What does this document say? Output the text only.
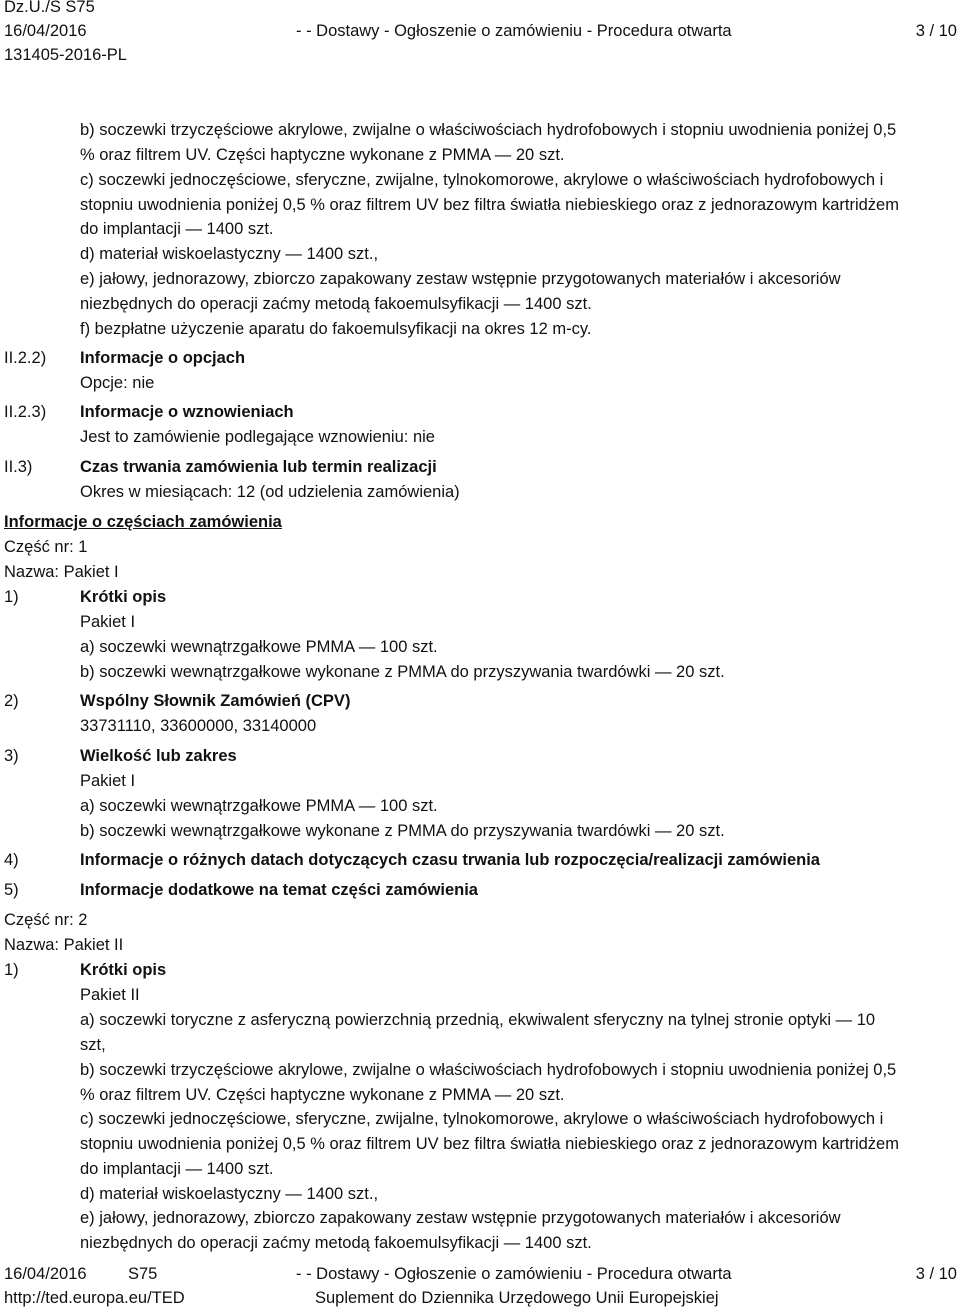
Dz.U./S S75
16/04/2016	- - Dostawy - Ogłoszenie o zamówieniu - Procedura otwarta	3 / 10
131405-2016-PL
b) soczewki trzyczęściowe akrylowe, zwijalne o właściwościach hydrofobowych i stopniu uwodnienia poniżej 0,5
% oraz filtrem UV. Części haptyczne wykonane z PMMA — 20 szt.
c) soczewki jednoczęściowe, sferyczne, zwijalne, tylnokomorowe, akrylowe o właściwościach hydrofobowych i
stopniu uwodnienia poniżej 0,5 % oraz filtrem UV bez filtra światła niebieskiego oraz z jednorazowym kartridżem
do implantacji — 1400 szt.
d) materiał wiskoelastyczny — 1400 szt.,
e) jałowy, jednorazowy, zbiorczo zapakowany zestaw wstępnie przygotowanych materiałów i akcesoriów
niezbędnych do operacji zaćmy metodą fakoemulsyfikacji — 1400 szt.
f) bezpłatne użyczenie aparatu do fakoemulsyfikacji na okres 12 m-cy.
II.2.2) Informacje o opcjach
Opcje: nie
II.2.3) Informacje o wznowieniach
Jest to zamówienie podlegające wznowieniu: nie
II.3)	Czas trwania zamówienia lub termin realizacji
Okres w miesiącach: 12 (od udzielenia zamówienia)
Informacje o częściach zamówienia
Część nr: 1
Nazwa: Pakiet I
1)	Krótki opis
Pakiet I
a) soczewki wewnątrzgałkowe PMMA — 100 szt.
b) soczewki wewnątrzgałkowe wykonane z PMMA do przyszywania twardówki — 20 szt.
2)	Wspólny Słownik Zamówień (CPV)
33731110, 33600000, 33140000
3)	Wielkość lub zakres
Pakiet I
a) soczewki wewnątrzgałkowe PMMA — 100 szt.
b) soczewki wewnątrzgałkowe wykonane z PMMA do przyszywania twardówki — 20 szt.
4)	Informacje o różnych datach dotyczących czasu trwania lub rozpoczęcia/realizacji zamówienia
5)	Informacje dodatkowe na temat części zamówienia
Część nr: 2
Nazwa: Pakiet II
1)	Krótki opis
Pakiet II
a) soczewki toryczne z asferyczną powierzchnią przednią, ekwiwalent sferyczny na tylnej stronie optyki — 10
szt,
b) soczewki trzyczęściowe akrylowe, zwijalne o właściwościach hydrofobowych i stopniu uwodnienia poniżej 0,5
% oraz filtrem UV. Części haptyczne wykonane z PMMA — 20 szt.
c) soczewki jednoczęściowe, sferyczne, zwijalne, tylnokomorowe, akrylowe o właściwościach hydrofobowych i
stopniu uwodnienia poniżej 0,5 % oraz filtrem UV bez filtra światła niebieskiego oraz z jednorazowym kartridżem
do implantacji — 1400 szt.
d) materiał wiskoelastyczny — 1400 szt.,
e) jałowy, jednorazowy, zbiorczo zapakowany zestaw wstępnie przygotowanych materiałów i akcesoriów
niezbędnych do operacji zaćmy metodą fakoemulsyfikacji — 1400 szt.
16/04/2016	S75	- - Dostawy - Ogłoszenie o zamówieniu - Procedura otwarta	3 / 10
http://ted.europa.eu/TED	Suplement do Dziennika Urzędowego Unii Europejskiej
